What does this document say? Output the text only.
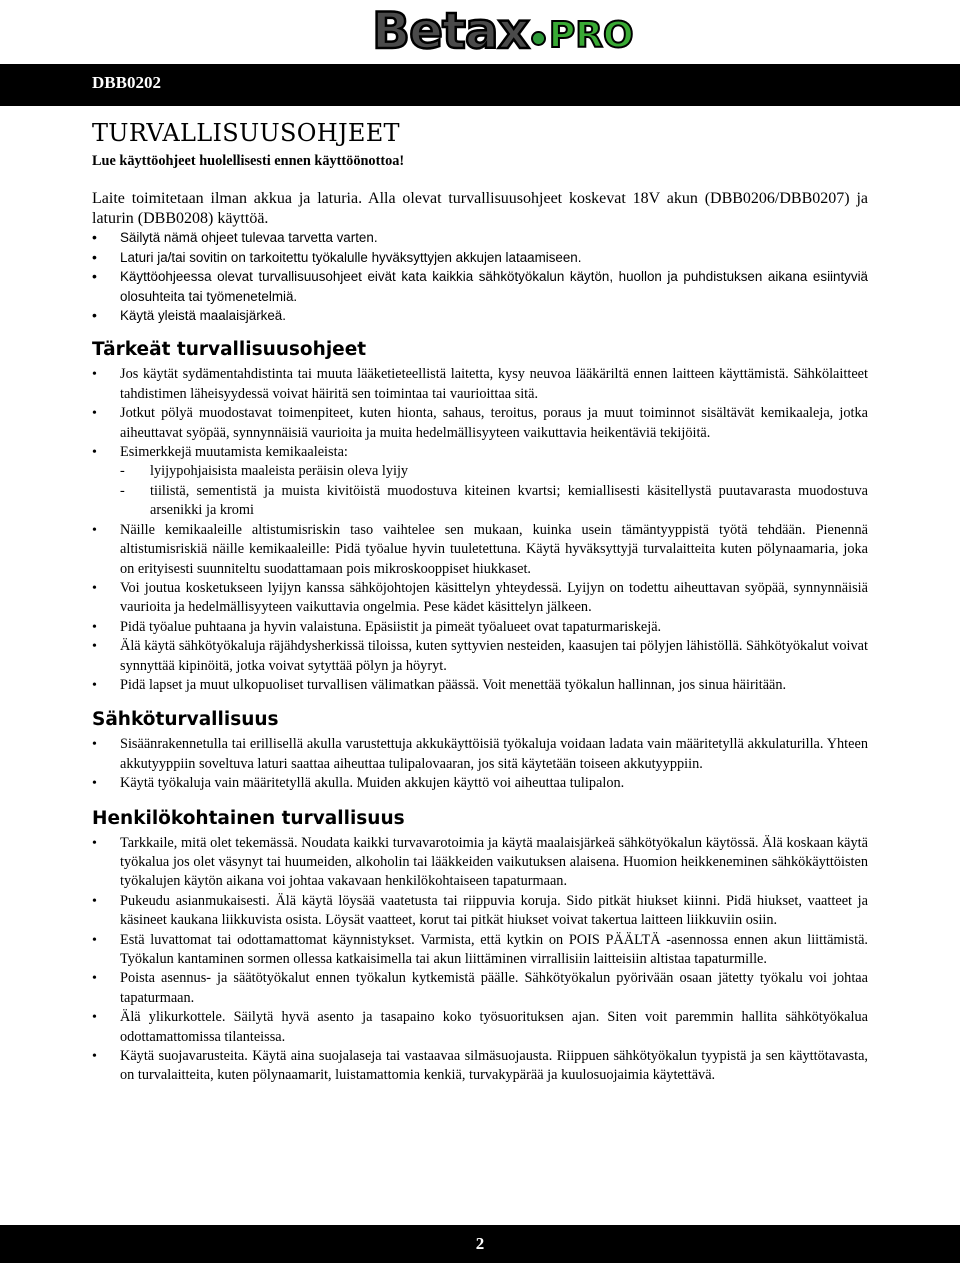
Betax PRO
DBB0202
TURVALLISUUSOHJEET

Lue käyttöohjeet huolellisesti ennen käyttöönottoa!

Laite toimitetaan ilman akkua ja laturia. Alla olevat turvallisuusohjeet koskevat 18V akun (DBB0206/DBB0207) ja laturin (DBB0208) käyttöä.

• Säilytä nämä ohjeet tulevaa tarvetta varten.
• Laturi ja/tai sovitin on tarkoitettu työkalulle hyväksyttyjen akkujen lataamiseen.
• Käyttöohjeessa olevat turvallisuusohjeet eivät kata kaikkia sähkötyökalun käytön, huollon ja puhdistuksen aikana esiintyviä olosuhteita tai työmenetelmiä.
• Käytä yleistä maalaisjärkeä.
Tärkeät turvallisuusohjeet
• Jos käytät sydämentahdistinta tai muuta lääketieteellistä laitetta, kysy neuvoa lääkäriltä ennen laitteen käyttämistä. Sähkölaitteet tahdistimen läheisyydessä voivat häiritä sen toimintaa tai vaurioittaa sitä.
• Jotkut pölyä muodostavat toimenpiteet, kuten hionta, sahaus, teroitus, poraus ja muut toiminnot sisältävät kemikaaleja, jotka aiheuttavat syöpää, synnynnäisiä vaurioita ja muita hedelmällisyyteen vaikuttavia heikentäviä tekijöitä.
• Esimerkkejä muutamista kemikaaleista:
- lyijypohjaisista maaleista peräisin oleva lyijy
- tiilistä, sementistä ja muista kivitöistä muodostuva kiteinen kvartsi; kemiallisesti käsitellystä puutavarasta muodostuva arsenikki ja kromi
• Näille kemikaaleille altistumisriskin taso vaihtelee sen mukaan, kuinka usein tämäntyyppistä työtä tehdään. Pienennä altistumisriskiä näille kemikaaleille: Pidä työalue hyvin tuuletettuna. Käytä hyväksyttyjä turvalaitteita kuten pölynaamaria, joka on erityisesti suunniteltu suodattamaan pois mikroskooppiset hiukkaset.
• Voi joutua kosketukseen lyijyn kanssa sähköjohtojen käsittelyn yhteydessä. Lyijyn on todettu aiheuttavan syöpää, synnynnäisiä vaurioita ja hedelmällisyyteen vaikuttavia ongelmia. Pese kädet käsittelyn jälkeen.
• Pidä työalue puhtaana ja hyvin valaistuna. Epäsiistit ja pimeät työalueet ovat tapaturmariskejä.
• Älä käytä sähkötyökaluja räjähdysherkissä tiloissa, kuten syttyvien nesteiden, kaasujen tai pölyjen lähistöllä. Sähkötyökalut voivat synnyttää kipinöitä, jotka voivat sytyttää pölyn ja höyryt.
• Pidä lapset ja muut ulkopuoliset turvallisen välimatkan päässä. Voit menettää työkalun hallinnan, jos sinua häiritään.
Sähköturvallisuus
• Sisäänrakennetulla tai erillisellä akulla varustettuja akkukäyttöisiä työkaluja voidaan ladata vain määritetyllä akkulaturilla. Yhteen akkutyyppiin soveltuva laturi saattaa aiheuttaa tulipalovaaran, jos sitä käytetään toiseen akkutyyppiin.
• Käytä työkaluja vain määritetyllä akulla. Muiden akkujen käyttö voi aiheuttaa tulipalon.
Henkilökohtainen turvallisuus
• Tarkkaile, mitä olet tekemässä. Noudata kaikki turvavarotoimia ja käytä maalaisjärkeä sähkötyökalun käytössä. Älä koskaan käytä työkalua jos olet väsynyt tai huumeiden, alkoholin tai lääkkeiden vaikutuksen alaisena. Huomion heikkeneminen sähkökäyttöisten työkalujen käytön aikana voi johtaa vakavaan henkilökohtaiseen tapaturmaan.
• Pukeudu asianmukaisesti. Älä käytä löysää vaatetusta tai riippuvia koruja. Sido pitkät hiukset kiinni. Pidä hiukset, vaatteet ja käsineet kaukana liikkuvista osista. Löysät vaatteet, korut tai pitkät hiukset voivat takertua laitteen liikkuviin osiin.
• Estä luvattomat tai odottamattomat käynnistykset. Varmista, että kytkin on POIS PÄÄLTÄ -asennossa ennen akun liittämistä. Työkalun kantaminen sormen ollessa katkaisimella tai akun liittäminen virrallisiin laitteisiin altistaa tapaturmille.
• Poista asennus- ja säätötyökalut ennen työkalun kytkemistä päälle. Sähkötyökalun pyörivään osaan jätetty työkalu voi johtaa tapaturmaan.
• Älä ylikurkottele. Säilytä hyvä asento ja tasapaino koko työsuorituksen ajan. Siten voit paremmin hallita sähkötyökalua odottamattomissa tilanteissa.
• Käytä suojavarusteita. Käytä aina suojalaseja tai vastaavaa silmäsuojausta. Riippuen sähkötyökalun tyypistä ja sen käyttötavasta, on turvalaitteita, kuten pölynaamarit, luistamattomia kenkiä, turvakypärää ja kuulosuojaimia käytettävä.
2
